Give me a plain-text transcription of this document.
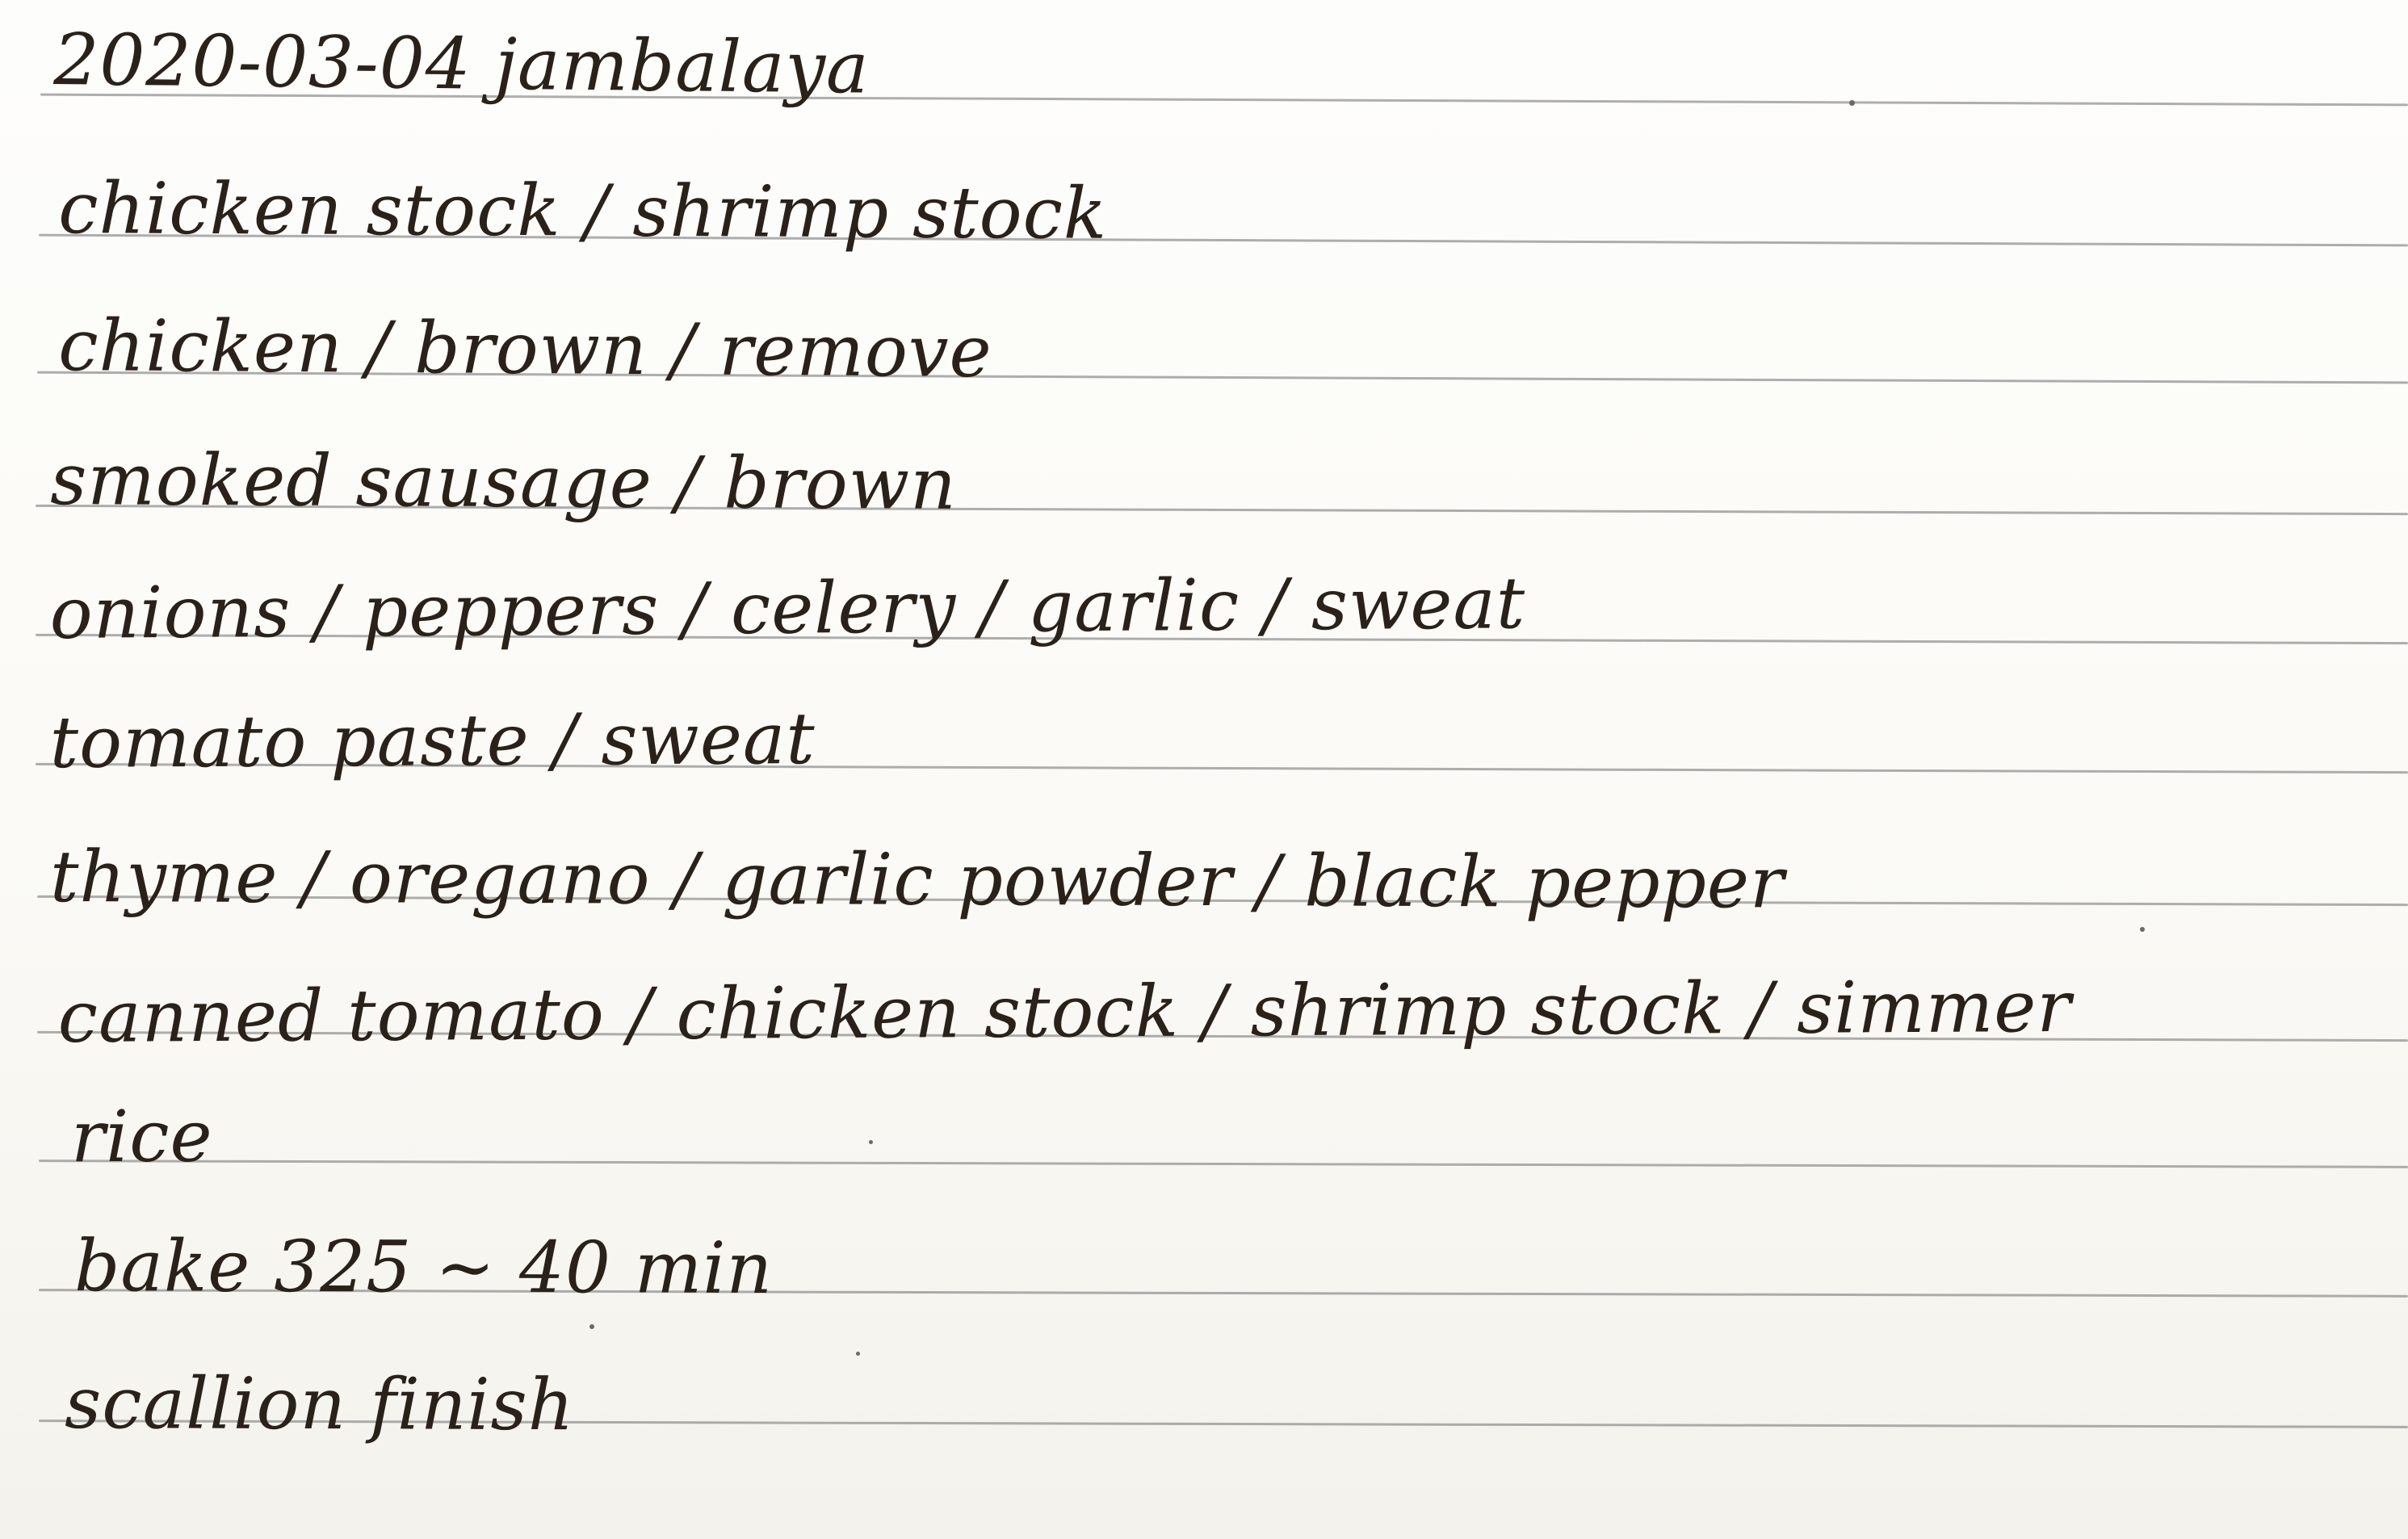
2020-03-04 jambalaya

chicken stock / shrimp stock

chicken / brown / remove

smoked sausage / brown

onions / peppers / celery / garlic / sweat

tomato paste / sweat

thyme / oregano / garlic powder / black pepper

canned tomato / chicken stock / shrimp stock / simmer

rice

bake 325 ~ 40 min

scallion finish
